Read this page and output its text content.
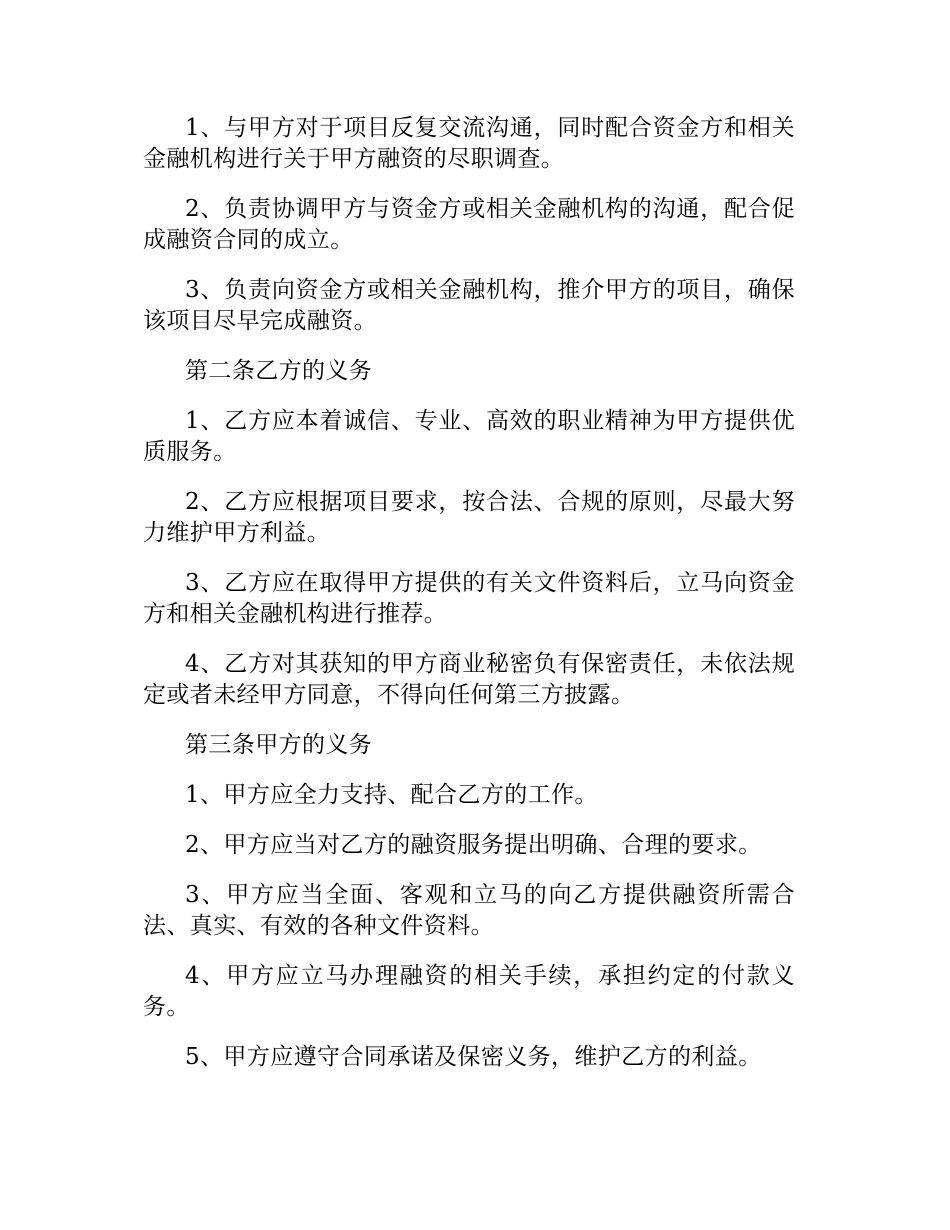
1、与甲方对于项目反复交流沟通，同时配合资金方和相关金融机构进行关于甲方融资的尽职调查。

2、负责协调甲方与资金方或相关金融机构的沟通，配合促成融资合同的成立。

3、负责向资金方或相关金融机构，推介甲方的项目，确保该项目尽早完成融资。

第二条乙方的义务

1、乙方应本着诚信、专业、高效的职业精神为甲方提供优质服务。

2、乙方应根据项目要求，按合法、合规的原则，尽最大努力维护甲方利益。

3、乙方应在取得甲方提供的有关文件资料后，立马向资金方和相关金融机构进行推荐。

4、乙方对其获知的甲方商业秘密负有保密责任，未依法规定或者未经甲方同意，不得向任何第三方披露。

第三条甲方的义务

1、甲方应全力支持、配合乙方的工作。

2、甲方应当对乙方的融资服务提出明确、合理的要求。

3、甲方应当全面、客观和立马的向乙方提供融资所需合法、真实、有效的各种文件资料。

4、甲方应立马办理融资的相关手续，承担约定的付款义务。

5、甲方应遵守合同承诺及保密义务，维护乙方的利益。
